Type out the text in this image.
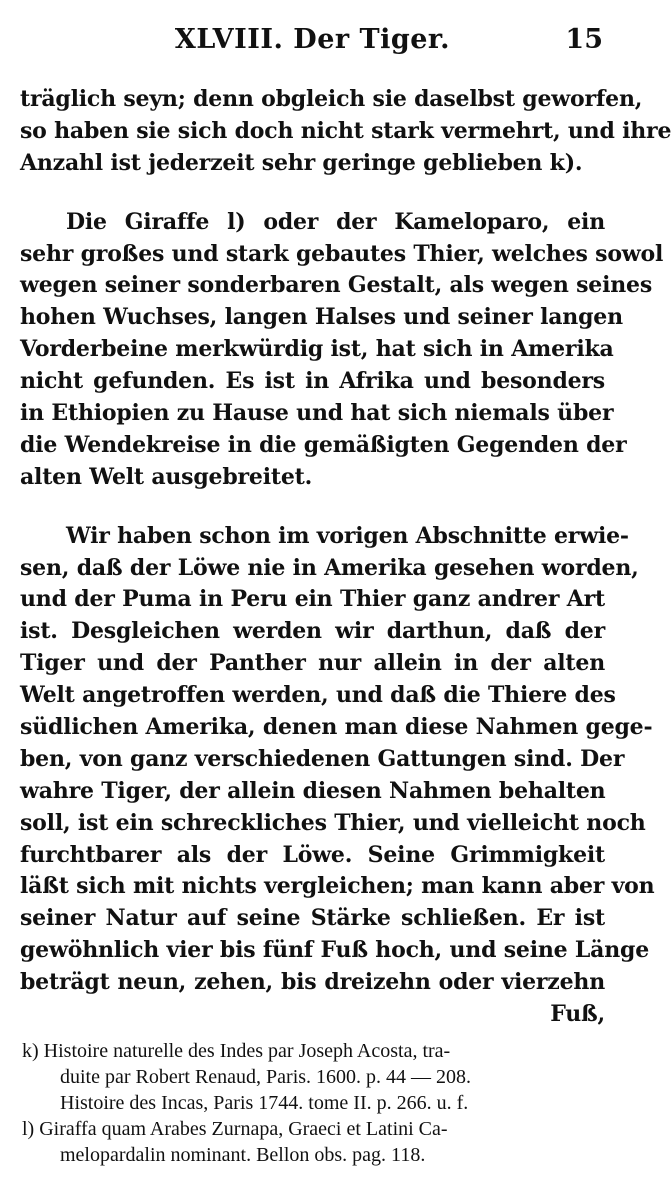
XLVIII. Der Tiger.	15
träglich seyn; denn obgleich sie daselbst geworfen,
so haben sie sich doch nicht stark vermehrt, und ihre
Anzahl ist jederzeit sehr geringe geblieben k).
Die Giraffe l) oder der Kameloparo, ein
sehr großes und stark gebautes Thier, welches sowol
wegen seiner sonderbaren Gestalt, als wegen seines
hohen Wuchses, langen Halses und seiner langen
Vorderbeine merkwürdig ist, hat sich in Amerika
nicht gefunden. Es ist in Afrika und besonders
in Ethiopien zu Hause und hat sich niemals über
die Wendekreise in die gemäßigten Gegenden der
alten Welt ausgebreitet.
Wir haben schon im vorigen Abschnitte erwie-
sen, daß der Löwe nie in Amerika gesehen worden,
und der Puma in Peru ein Thier ganz andrer Art
ist. Desgleichen werden wir darthun, daß der
Tiger und der Panther nur allein in der alten
Welt angetroffen werden, und daß die Thiere des
südlichen Amerika, denen man diese Nahmen gege-
ben, von ganz verschiedenen Gattungen sind. Der
wahre Tiger, der allein diesen Nahmen behalten
soll, ist ein schreckliches Thier, und vielleicht noch
furchtbarer als der Löwe. Seine Grimmigkeit
läßt sich mit nichts vergleichen; man kann aber von
seiner Natur auf seine Stärke schließen. Er ist
gewöhnlich vier bis fünf Fuß hoch, und seine Länge
beträgt neun, zehen, bis dreizehn oder vierzehn
Fuß,
k) Histoire naturelle des Indes par Joseph Acosta, tra-
duite par Robert Renaud, Paris. 1600. p. 44 — 208.
Histoire des Incas, Paris 1744. tome II. p. 266. u. f.
l) Giraffa quam Arabes Zurnapa, Graeci et Latini Ca-
melopardalin nominant. Bellon obs. pag. 118.
